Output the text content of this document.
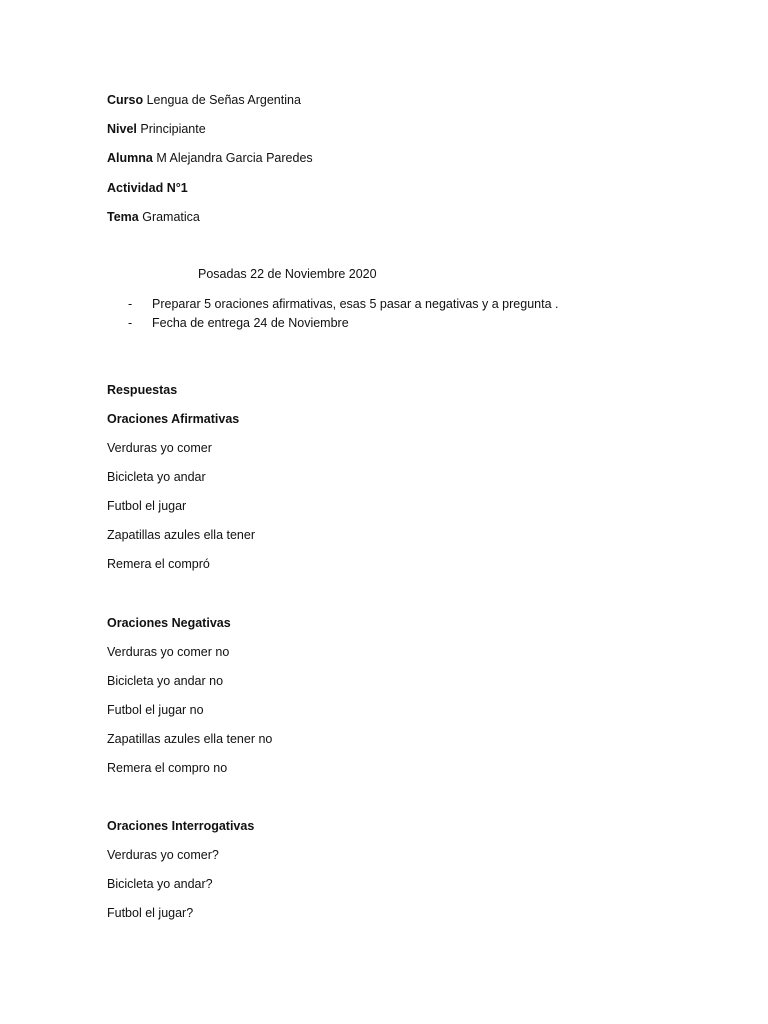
Curso Lengua de Señas Argentina
Nivel Principiante
Alumna M Alejandra Garcia Paredes
Actividad N°1
Tema Gramatica
Posadas 22 de Noviembre 2020
- Preparar 5 oraciones afirmativas, esas 5 pasar a negativas y a pregunta .
- Fecha de entrega 24 de Noviembre
Respuestas
Oraciones Afirmativas
Verduras yo comer
Bicicleta yo andar
Futbol el jugar
Zapatillas azules ella tener
Remera el compró
Oraciones Negativas
Verduras yo comer no
Bicicleta yo andar no
Futbol el jugar no
Zapatillas azules ella tener no
Remera el compro no
Oraciones Interrogativas
Verduras yo comer?
Bicicleta yo andar?
Futbol el jugar?
